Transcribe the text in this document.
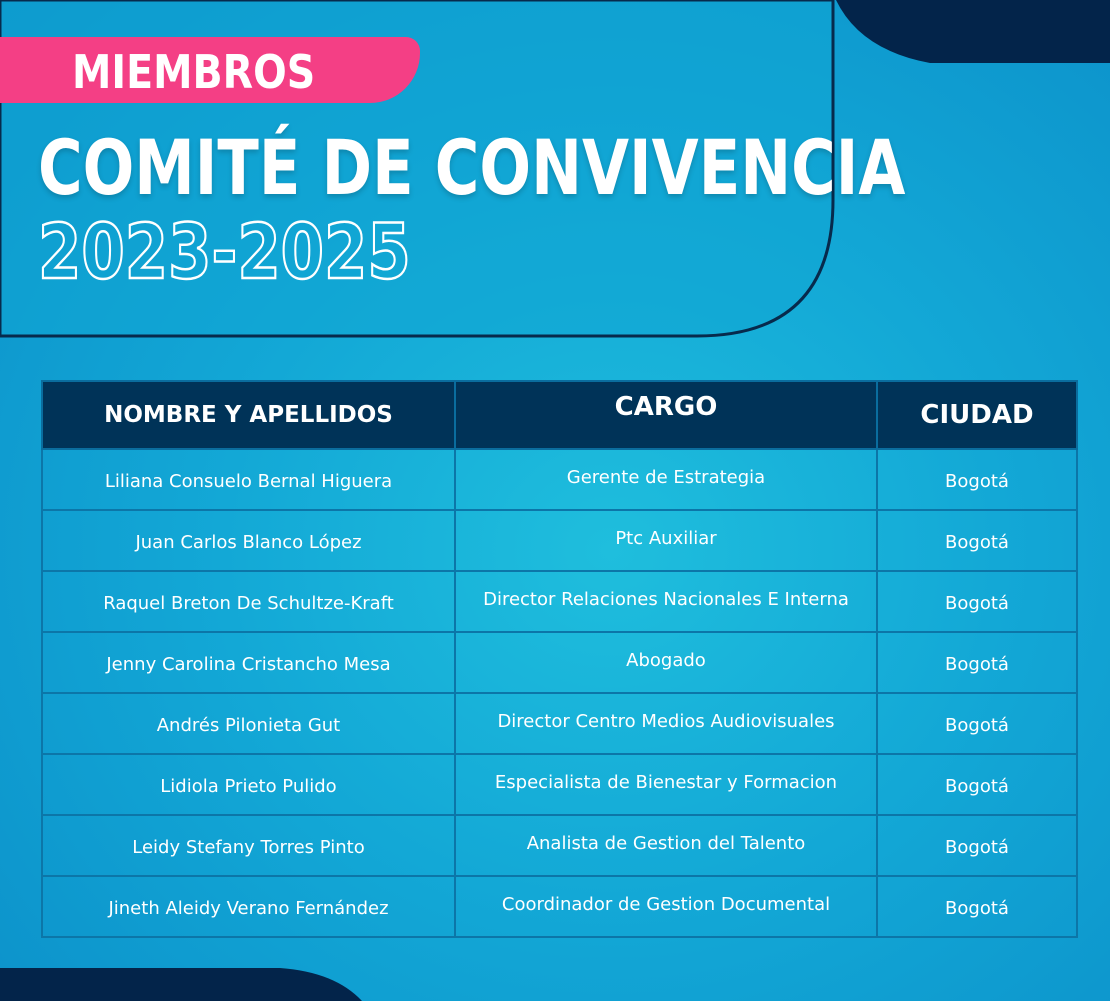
MIEMBROS
COMITÉ DE CONVIVENCIA
2023-2025
NOMBRE Y APELLIDOS	CARGO	CIUDAD
Liliana Consuelo Bernal Higuera	Gerente de Estrategia	Bogotá
Juan Carlos Blanco López	Ptc Auxiliar	Bogotá
Raquel Breton De Schultze-Kraft	Director Relaciones Nacionales E Interna	Bogotá
Jenny Carolina Cristancho Mesa	Abogado	Bogotá
Andrés Pilonieta Gut	Director Centro Medios Audiovisuales	Bogotá
Lidiola Prieto Pulido	Especialista de Bienestar y Formacion	Bogotá
Leidy Stefany Torres Pinto	Analista de Gestion del Talento	Bogotá
Jineth Aleidy Verano Fernández	Coordinador de Gestion Documental	Bogotá
